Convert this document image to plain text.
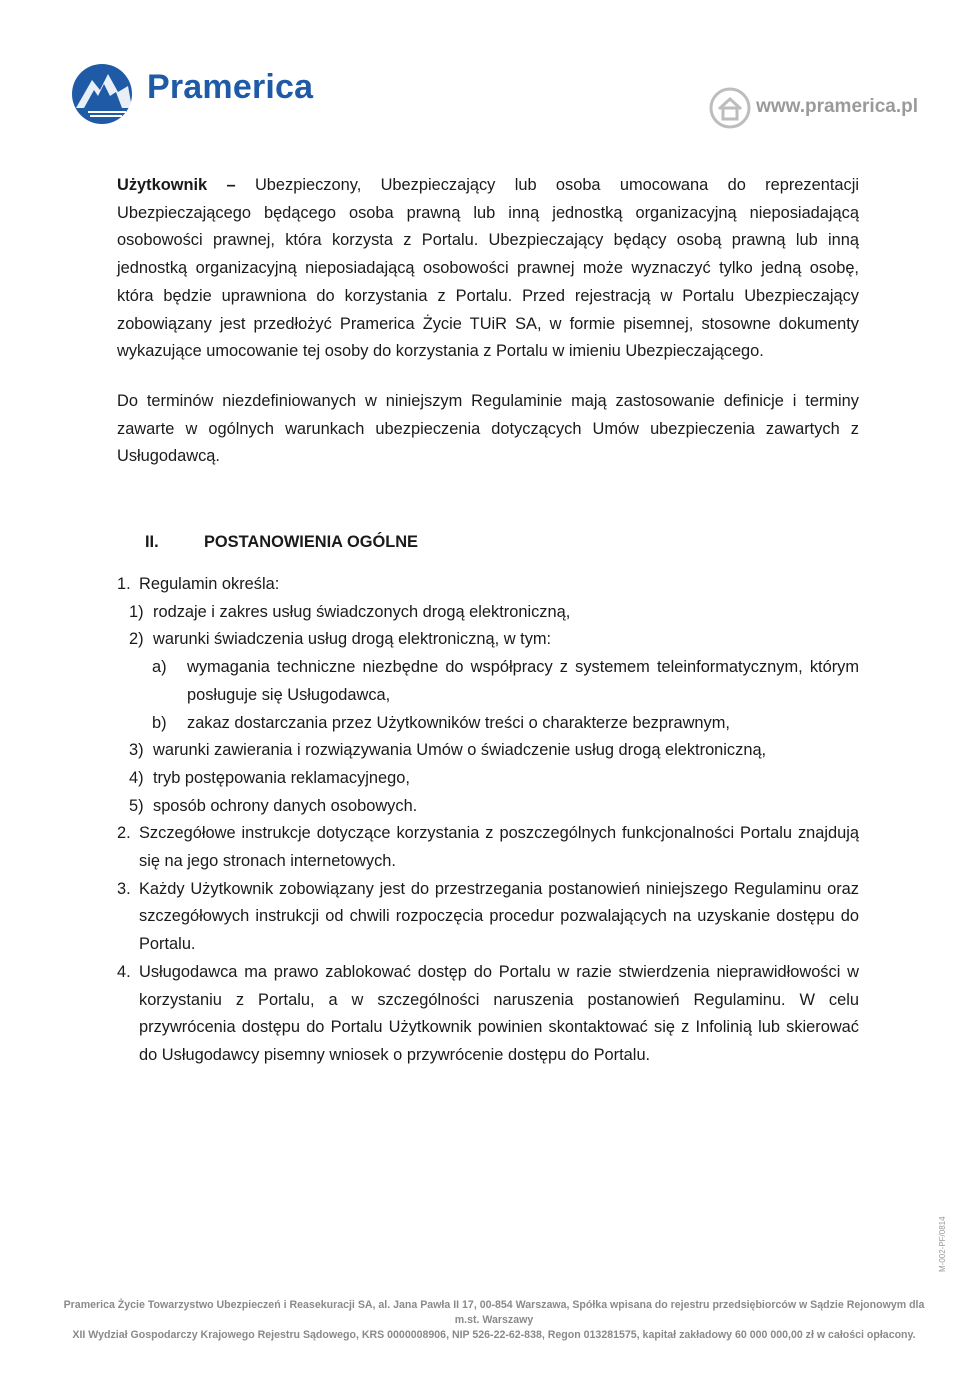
Pramerica
www.pramerica.pl

Użytkownik – Ubezpieczony, Ubezpieczający lub osoba umocowana do reprezentacji Ubezpieczającego będącego osoba prawną lub inną jednostką organizacyjną nieposiadającą osobowości prawnej, która korzysta z Portalu. Ubezpieczający będący osobą prawną lub inną jednostką organizacyjną nieposiadającą osobowości prawnej może wyznaczyć tylko jedną osobę, która będzie uprawniona do korzystania z Portalu. Przed rejestracją w Portalu Ubezpieczający zobowiązany jest przedłożyć Pramerica Życie TUiR SA, w formie pisemnej, stosowne dokumenty wykazujące umocowanie tej osoby do korzystania z Portalu w imieniu Ubezpieczającego.

Do terminów niezdefiniowanych w niniejszym Regulaminie mają zastosowanie definicje i terminy zawarte w ogólnych warunkach ubezpieczenia dotyczących Umów ubezpieczenia zawartych z Usługodawcą.

II.	POSTANOWIENIA OGÓLNE
1. Regulamin określa:
1) rodzaje i zakres usług świadczonych drogą elektroniczną,
2) warunki świadczenia usług drogą elektroniczną, w tym:
a) wymagania techniczne niezbędne do współpracy z systemem teleinformatycznym, którym posługuje się Usługodawca,
b) zakaz dostarczania przez Użytkowników treści o charakterze bezprawnym,
3) warunki zawierania i rozwiązywania Umów o świadczenie usług drogą elektroniczną,
4) tryb postępowania reklamacyjnego,
5) sposób ochrony danych osobowych.
2. Szczegółowe instrukcje dotyczące korzystania z poszczególnych funkcjonalności Portalu znajdują się na jego stronach internetowych.
3. Każdy Użytkownik zobowiązany jest do przestrzegania postanowień niniejszego Regulaminu oraz szczegółowych instrukcji od chwili rozpoczęcia procedur pozwalających na uzyskanie dostępu do Portalu.
4. Usługodawca ma prawo zablokować dostęp do Portalu w razie stwierdzenia nieprawidłowości w korzystaniu z Portalu, a w szczególności naruszenia postanowień Regulaminu. W celu przywrócenia dostępu do Portalu Użytkownik powinien skontaktować się z Infolinią lub skierować do Usługodawcy pisemny wniosek o przywrócenie dostępu do Portalu.
M-002-PF/0814
Pramerica Życie Towarzystwo Ubezpieczeń i Reasekuracji SA, al. Jana Pawła II 17, 00-854 Warszawa, Spółka wpisana do rejestru przedsiębiorców w Sądzie Rejonowym dla m.st. Warszawy
XII Wydział Gospodarczy Krajowego Rejestru Sądowego, KRS 0000008906, NIP 526-22-62-838, Regon 013281575, kapitał zakładowy 60 000 000,00 zł w całości opłacony.
